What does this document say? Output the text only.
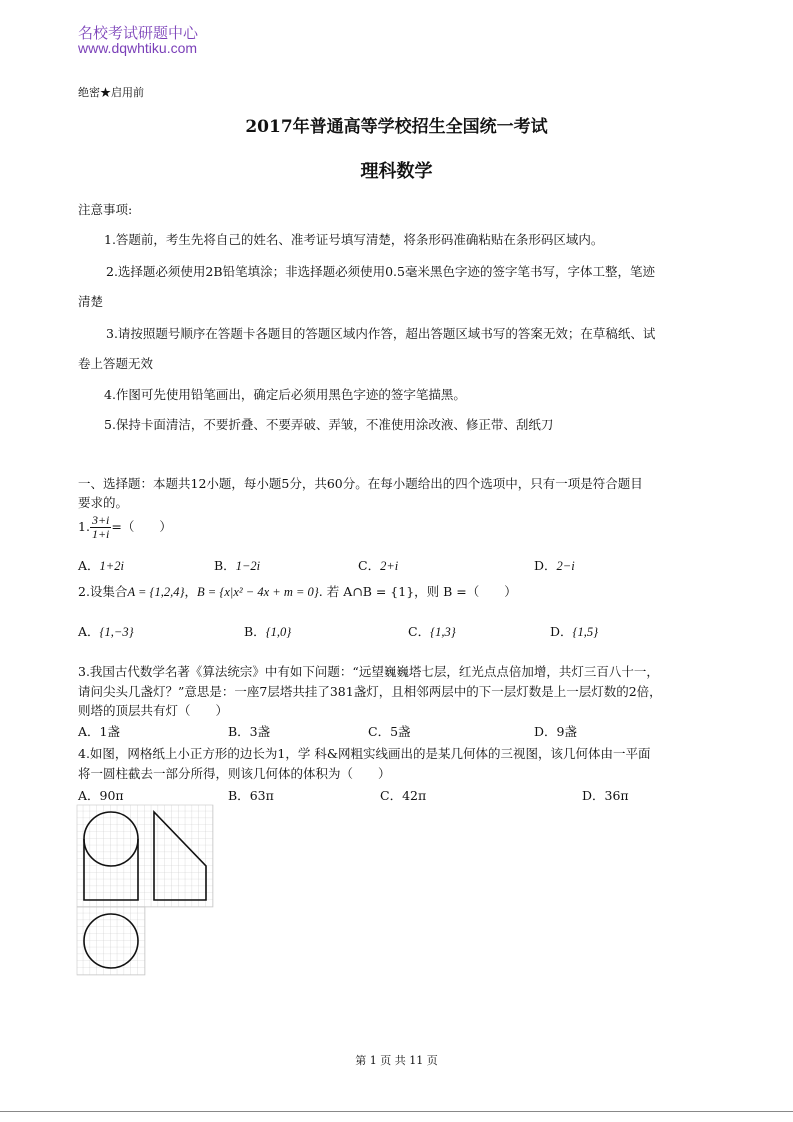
名校考试研题中心
www.dqwhtiku.com
绝密★启用前
2017年普通高等学校招生全国统一考试
理科数学
注意事项:
1.答题前，考生先将自己的姓名、准考证号填写清楚，将条形码准确粘贴在条形码区域内。
2.选择题必须使用2B铅笔填涂；非选择题必须使用0.5毫米黑色字迹的签字笔书写，字体工整，笔迹
清楚
3.请按照题号顺序在答题卡各题目的答题区域内作答，超出答题区域书写的答案无效；在草稿纸、试
卷上答题无效
4.作图可先使用铅笔画出，确定后必须用黑色字迹的签字笔描黑。
5.保持卡面清洁，不要折叠、不要弄破、弄皱，不准使用涂改液、修正带、刮纸刀
一、选择题：本题共12小题，每小题5分，共60分。在每小题给出的四个选项中，只有一项是符合题目
要求的。
1. $\frac{3+i}{1+i}$ =（　　）
A．1+2i	B．1−2i	C．2+i	D．2−i
2.设集合A = {1,2,4}，B = {x|x² − 4x + m = 0}. 若 A∩B = {1}，则 B =（　　）
A．{1,−3}	B．{1,0}	C．{1,3}	D．{1,5}
3.我国古代数学名著《算法统宗》中有如下问题：“远望巍巍塔七层，红光点点倍加增，共灯三百八十一，
请问尖头几盏灯？”意思是：一座7层塔共挂了381盏灯，且相邻两层中的下一层灯数是上一层灯数的2倍，
则塔的顶层共有灯（　　）
A．1盏	B．3盏	C．5盏	D．9盏
4.如图，网格纸上小正方形的边长为1，学 科&网粗实线画出的是某几何体的三视图，该几何体由一平面
将一圆柱截去一部分所得，则该几何体的体积为（　　）
A．90π	B．63π	C．42π	D．36π
第 1 页 共 11 页
